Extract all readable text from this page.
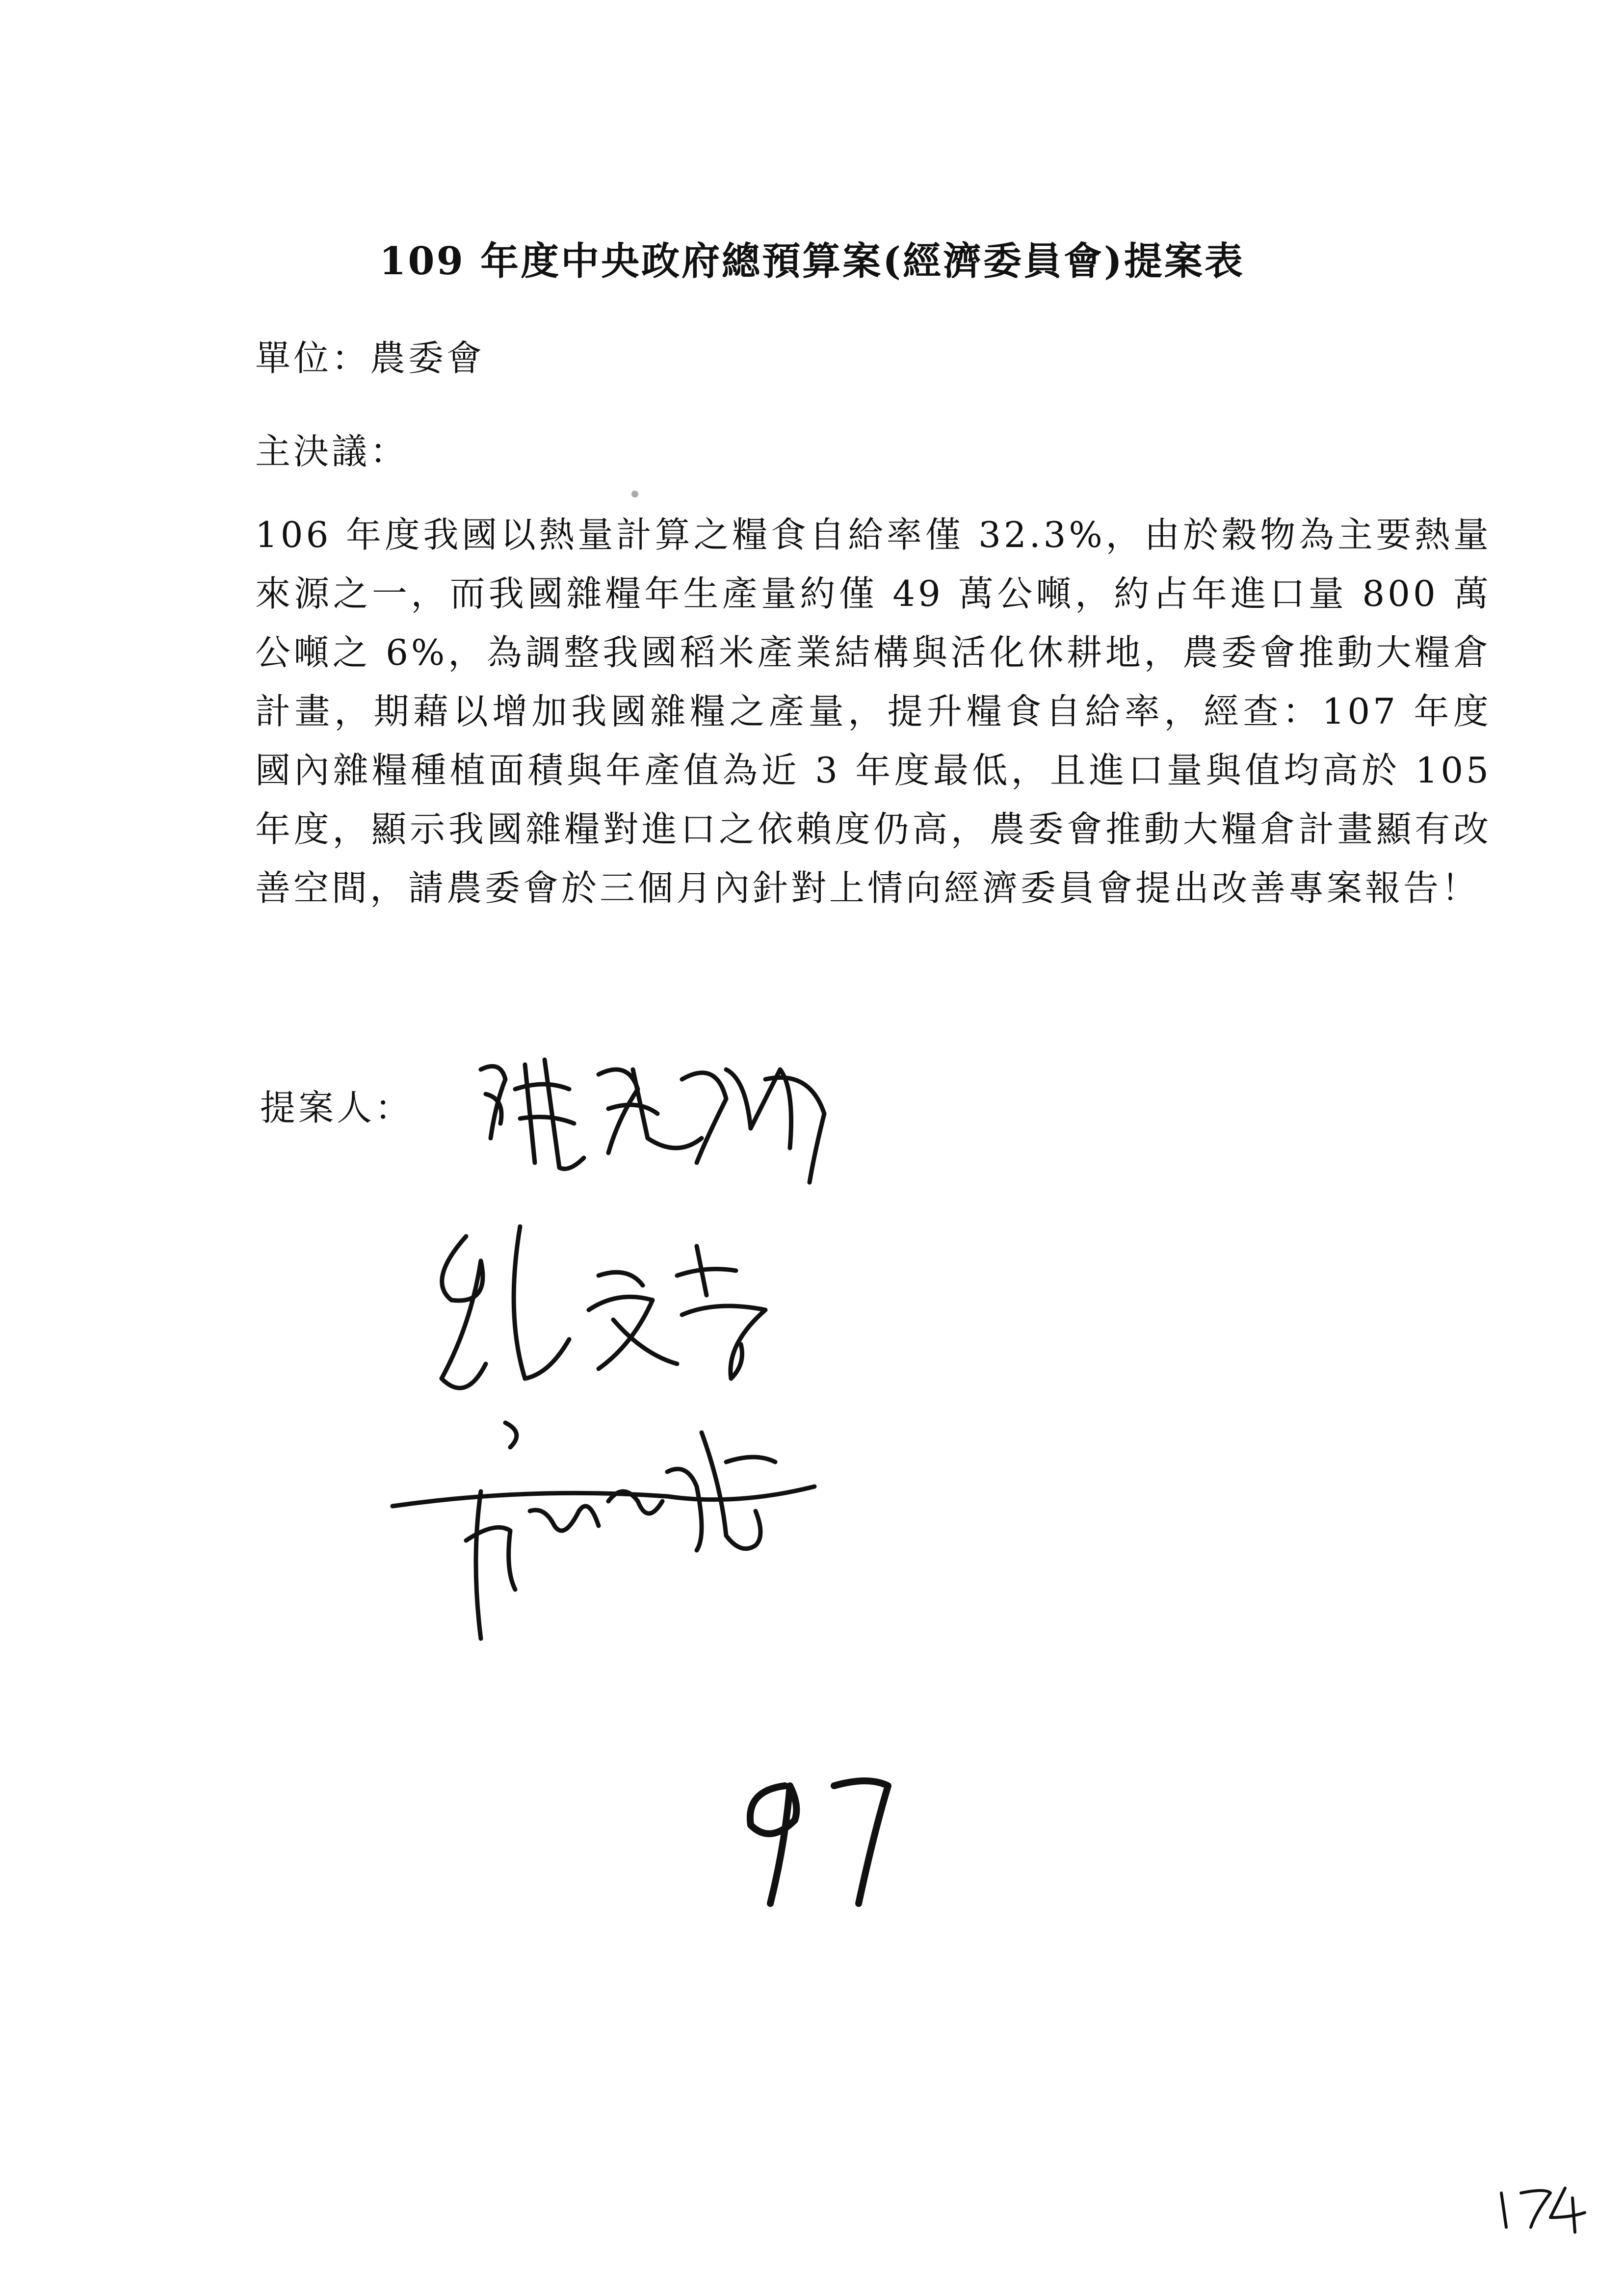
109 年度中央政府總預算案(經濟委員會)提案表
單位：農委會
主決議：
106 年度我國以熱量計算之糧食自給率僅 32.3%，由於穀物為主要熱量來源之一，而我國雜糧年生產量約僅 49 萬公噸，約占年進口量 800 萬公噸之 6%，為調整我國稻米產業結構與活化休耕地，農委會推動大糧倉計畫，期藉以增加我國雜糧之產量，提升糧食自給率，經查：107 年度國內雜糧種植面積與年產值為近 3 年度最低，且進口量與值均高於 105 年度，顯示我國雜糧對進口之依賴度仍高，農委會推動大糧倉計畫顯有改善空間，請農委會於三個月內針對上情向經濟委員會提出改善專案報告！
提案人：
